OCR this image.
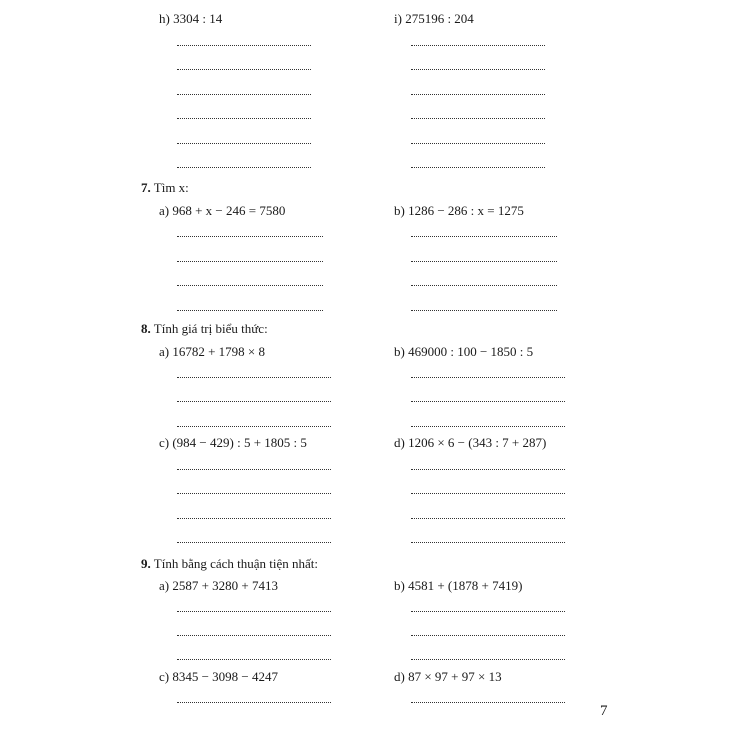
h) 3304 : 14	i) 275196 : 204
7. Tìm x:
a) 968 + x − 246 = 7580	b) 1286 − 286 : x = 1275
8. Tính giá trị biểu thức:
a) 16782 + 1798 × 8	b) 469000 : 100 − 1850 : 5
c) (984 − 429) : 5 + 1805 : 5	d) 1206 × 6 − (343 : 7 + 287)
9. Tính bằng cách thuận tiện nhất:
a) 2587 + 3280 + 7413	b) 4581 + (1878 + 7419)
c) 8345 − 3098 − 4247	d) 87 × 97 + 97 × 13
7
